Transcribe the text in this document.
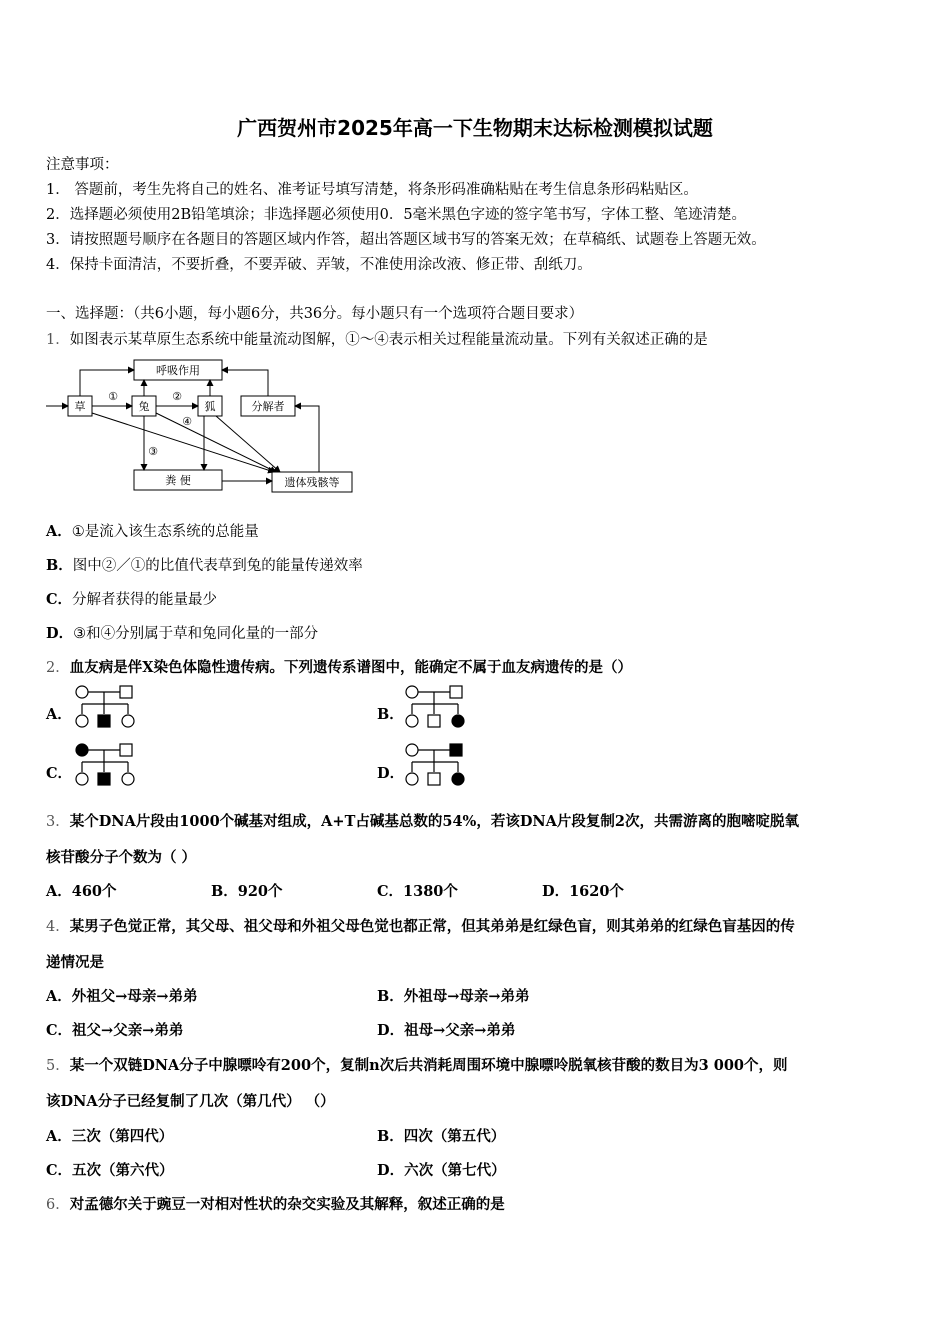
广西贺州市2025年高一下生物期末达标检测模拟试题
注意事项：
1． 答题前，考生先将自己的姓名、准考证号填写清楚，将条形码准确粘贴在考生信息条形码粘贴区。
2．选择题必须使用2B铅笔填涂；非选择题必须使用0．5毫米黑色字迹的签字笔书写，字体工整、笔迹清楚。
3．请按照题号顺序在各题目的答题区域内作答，超出答题区域书写的答案无效；在草稿纸、试题卷上答题无效。
4．保持卡面清洁，不要折叠，不要弄破、弄皱，不准使用涂改液、修正带、刮纸刀。
一、选择题：（共6小题，每小题6分，共36分。每小题只有一个选项符合题目要求）
1．如图表示某草原生态系统中能量流动图解，①～④表示相关过程能量流动量。下列有关叙述正确的是
呼吸作用
草	兔	狐	分解者
粪 便	遗体残骸等
①	②
④
③
A．①是流入该生态系统的总能量
B．图中②／①的比值代表草到兔的能量传递效率
C．分解者获得的能量最少
D．③和④分别属于草和兔同化量的一部分
2．血友病是伴X染色体隐性遗传病。下列遗传系谱图中，能确定不属于血友病遗传的是（）
A．	B．
C．	D．
3．某个DNA片段由1000个碱基对组成，A+T占碱基总数的54%，若该DNA片段复制2次，共需游离的胞嘧啶脱氧
核苷酸分子个数为（ ）
A．460个	B．920个	C．1380个	D．1620个
4．某男子色觉正常，其父母、祖父母和外祖父母色觉也都正常，但其弟弟是红绿色盲，则其弟弟的红绿色盲基因的传
递情况是
A．外祖父→母亲→弟弟	B．外祖母→母亲→弟弟
C．祖父→父亲→弟弟	D．祖母→父亲→弟弟
5．某一个双链DNA分子中腺嘌呤有200个，复制n次后共消耗周围环境中腺嘌呤脱氧核苷酸的数目为3 000个，则
该DNA分子已经复制了几次（第几代） （）
A．三次（第四代）	B．四次（第五代）
C．五次（第六代）	D．六次（第七代）
6．对孟德尔关于豌豆一对相对性状的杂交实验及其解释，叙述正确的是
